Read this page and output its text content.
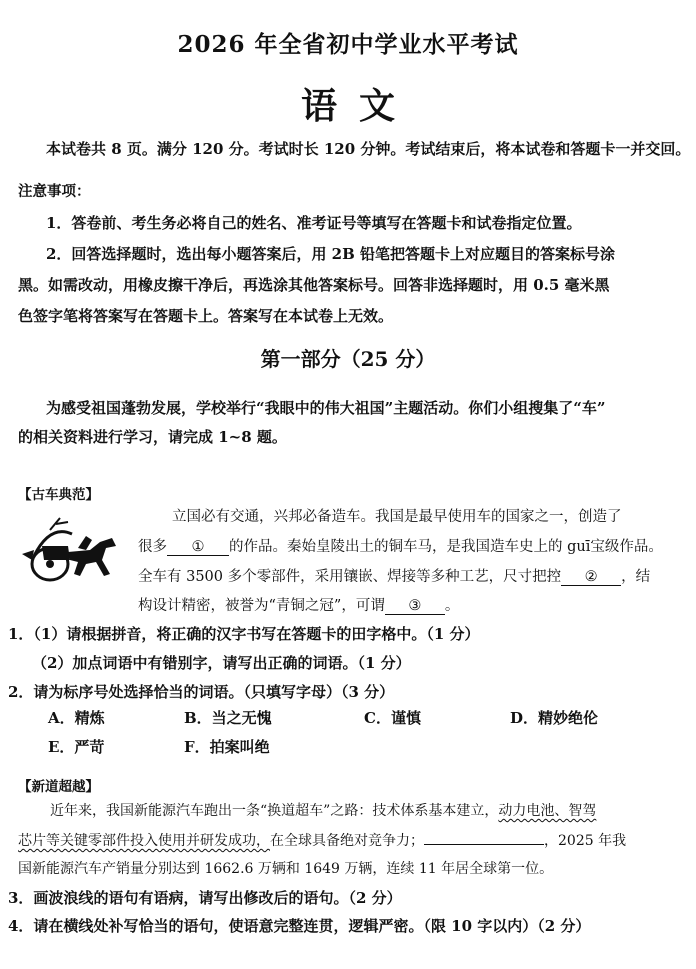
2026 年全省初中学业水平考试
语文
本试卷共 8 页。满分 120 分。考试时长 120 分钟。考试结束后，将本试卷和答题卡一并交回。
注意事项：
1．答卷前、考生务必将自己的姓名、准考证号等填写在答题卡和试卷指定位置。
2．回答选择题时，选出每小题答案后，用 2B 铅笔把答题卡上对应题目的答案标号涂
黑。如需改动，用橡皮擦干净后，再选涂其他答案标号。回答非选择题时，用 0.5 毫米黑
色签字笔将答案写在答题卡上。答案写在本试卷上无效。
第一部分（25 分）
为感受祖国蓬勃发展，学校举行“我眼中的伟大祖国”主题活动。你们小组搜集了“车”
的相关资料进行学习，请完成 1~8 题。
【古车典范】
立国必有交通，兴邦必备造车。我国是最早使用车的国家之一，创造了
很多 ① 的作品。秦始皇陵出土的铜车马，是我国造车史上的 guī宝级作品。
全车有 3500 多个零部件，采用镶嵌、焊接等多种工艺，尺寸把控 ② ，结
构设计精密，被誉为“青铜之冠”，可谓 ③ 。
1．（1）请根据拼音，将正确的汉字书写在答题卡的田字格中。（1 分）
（2）加点词语中有错别字，请写出正确的词语。（1 分）
2．请为标序号处选择恰当的词语。（只填写字母）（3 分）
A．精炼	B．当之无愧	C．谨慎	D．精妙绝伦
E．严苛	F．拍案叫绝
【新道超越】
近年来，我国新能源汽车跑出一条“换道超车”之路：技术体系基本建立，动力电池、智驾
芯片等关键零部件投入使用并研发成功，在全球具备绝对竞争力；	，2025 年我
国新能源汽车产销量分别达到 1662.6 万辆和 1649 万辆，连续 11 年居全球第一位。
3．画波浪线的语句有语病，请写出修改后的语句。（2 分）
4．请在横线处补写恰当的语句，使语意完整连贯，逻辑严密。（限 10 字以内）（2 分）
